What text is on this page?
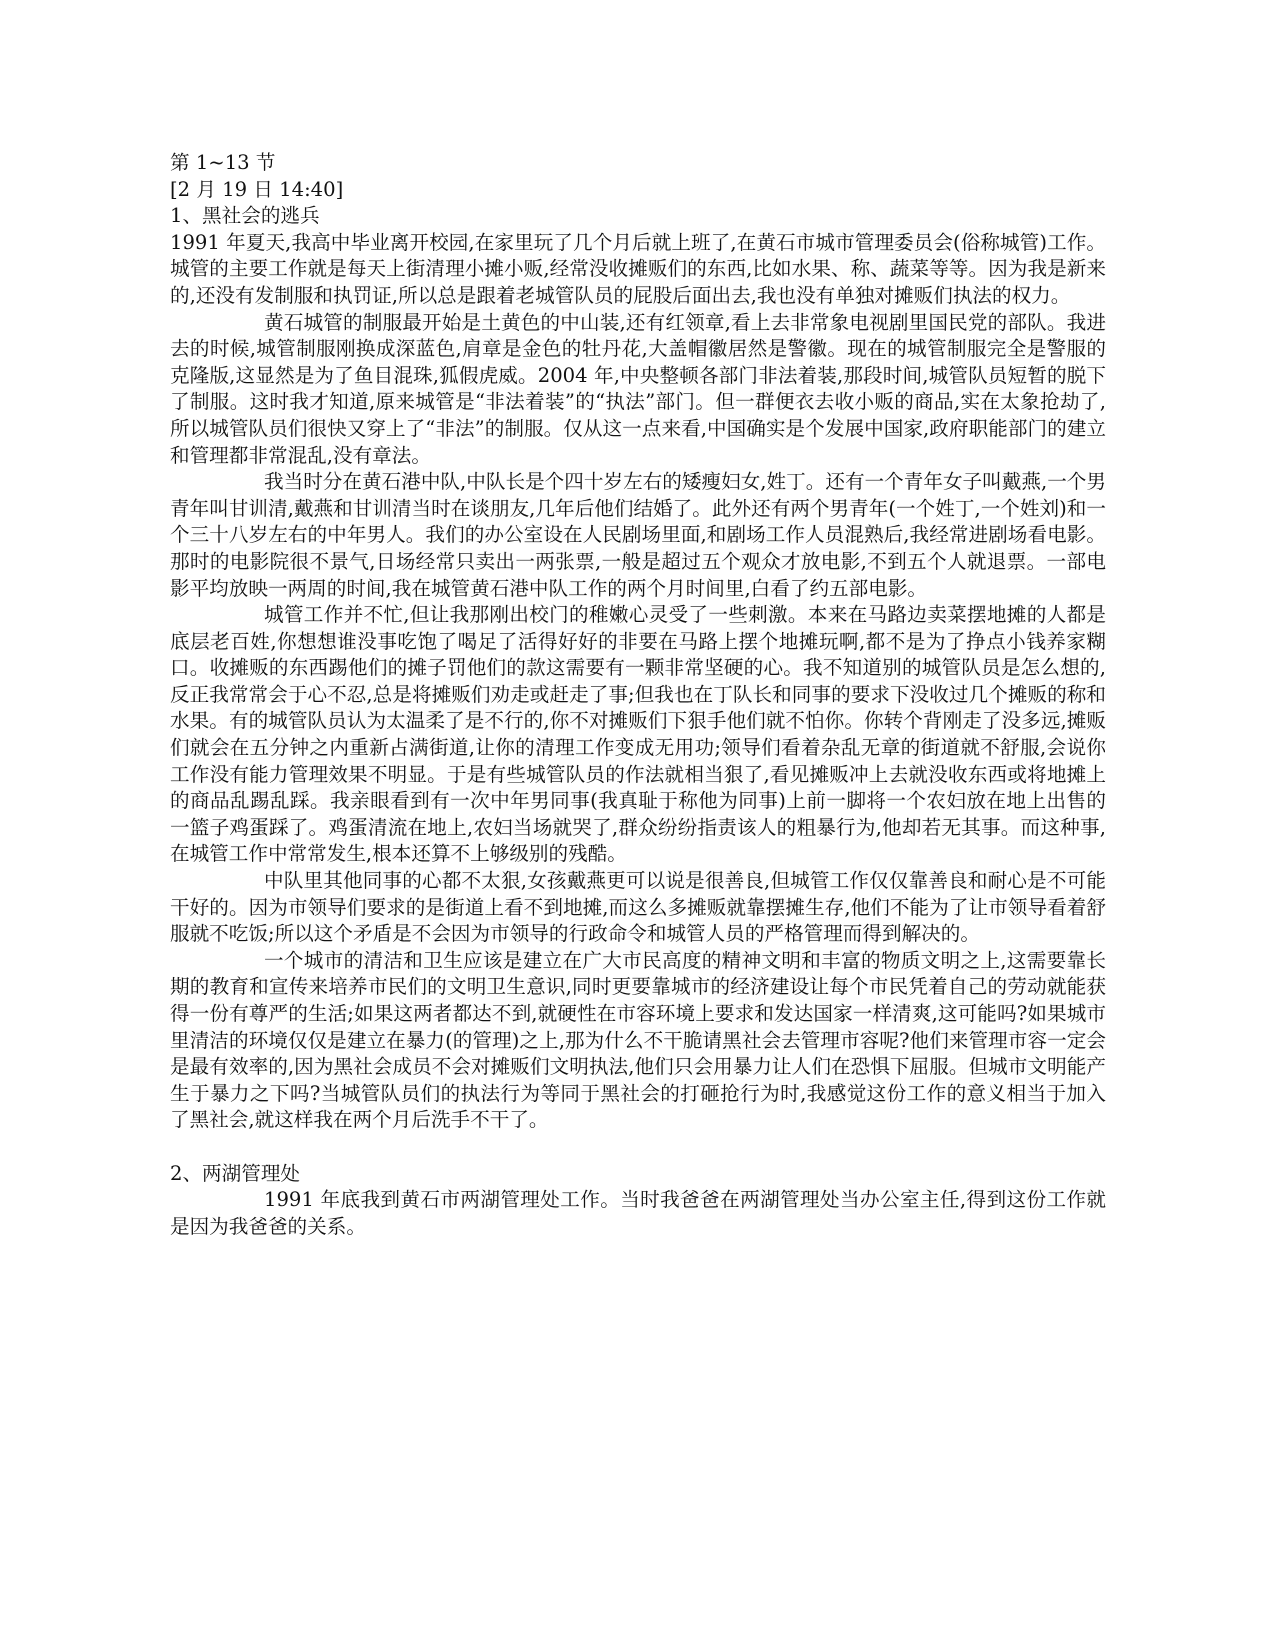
第 1~13 节

[2 月 19 日 14:40]

1、黑社会的逃兵

1991 年夏天,我高中毕业离开校园,在家里玩了几个月后就上班了,在黄石市城市管理委员会(俗称城管)工作。城管的主要工作就是每天上街清理小摊小贩,经常没收摊贩们的东西,比如水果、称、蔬菜等等。因为我是新来的,还没有发制服和执罚证,所以总是跟着老城管队员的屁股后面出去,我也没有单独对摊贩们执法的权力。

黄石城管的制服最开始是土黄色的中山装,还有红领章,看上去非常象电视剧里国民党的部队。我进去的时候,城管制服刚换成深蓝色,肩章是金色的牡丹花,大盖帽徽居然是警徽。现在的城管制服完全是警服的克隆版,这显然是为了鱼目混珠,狐假虎威。2004 年,中央整顿各部门非法着装,那段时间,城管队员短暂的脱下了制服。这时我才知道,原来城管是“非法着装”的“执法”部门。但一群便衣去收小贩的商品,实在太象抢劫了,所以城管队员们很快又穿上了“非法”的制服。仅从这一点来看,中国确实是个发展中国家,政府职能部门的建立和管理都非常混乱,没有章法。

我当时分在黄石港中队,中队长是个四十岁左右的矮瘦妇女,姓丁。还有一个青年女子叫戴燕,一个男青年叫甘训清,戴燕和甘训清当时在谈朋友,几年后他们结婚了。此外还有两个男青年(一个姓丁,一个姓刘)和一个三十八岁左右的中年男人。我们的办公室设在人民剧场里面,和剧场工作人员混熟后,我经常进剧场看电影。那时的电影院很不景气,日场经常只卖出一两张票,一般是超过五个观众才放电影,不到五个人就退票。一部电影平均放映一两周的时间,我在城管黄石港中队工作的两个月时间里,白看了约五部电影。

城管工作并不忙,但让我那刚出校门的稚嫩心灵受了一些刺激。本来在马路边卖菜摆地摊的人都是底层老百姓,你想想谁没事吃饱了喝足了活得好好的非要在马路上摆个地摊玩啊,都不是为了挣点小钱养家糊口。收摊贩的东西踢他们的摊子罚他们的款这需要有一颗非常坚硬的心。我不知道别的城管队员是怎么想的,反正我常常会于心不忍,总是将摊贩们劝走或赶走了事;但我也在丁队长和同事的要求下没收过几个摊贩的称和水果。有的城管队员认为太温柔了是不行的,你不对摊贩们下狠手他们就不怕你。你转个背刚走了没多远,摊贩们就会在五分钟之内重新占满街道,让你的清理工作变成无用功;领导们看着杂乱无章的街道就不舒服,会说你工作没有能力管理效果不明显。于是有些城管队员的作法就相当狠了,看见摊贩冲上去就没收东西或将地摊上的商品乱踢乱踩。我亲眼看到有一次中年男同事(我真耻于称他为同事)上前一脚将一个农妇放在地上出售的一篮子鸡蛋踩了。鸡蛋清流在地上,农妇当场就哭了,群众纷纷指责该人的粗暴行为,他却若无其事。而这种事,在城管工作中常常发生,根本还算不上够级别的残酷。

中队里其他同事的心都不太狠,女孩戴燕更可以说是很善良,但城管工作仅仅靠善良和耐心是不可能干好的。因为市领导们要求的是街道上看不到地摊,而这么多摊贩就靠摆摊生存,他们不能为了让市领导看着舒服就不吃饭;所以这个矛盾是不会因为市领导的行政命令和城管人员的严格管理而得到解决的。

一个城市的清洁和卫生应该是建立在广大市民高度的精神文明和丰富的物质文明之上,这需要靠长期的教育和宣传来培养市民们的文明卫生意识,同时更要靠城市的经济建设让每个市民凭着自己的劳动就能获得一份有尊严的生活;如果这两者都达不到,就硬性在市容环境上要求和发达国家一样清爽,这可能吗?如果城市里清洁的环境仅仅是建立在暴力(的管理)之上,那为什么不干脆请黑社会去管理市容呢?他们来管理市容一定会是最有效率的,因为黑社会成员不会对摊贩们文明执法,他们只会用暴力让人们在恐惧下屈服。但城市文明能产生于暴力之下吗?当城管队员们的执法行为等同于黑社会的打砸抢行为时,我感觉这份工作的意义相当于加入了黑社会,就这样我在两个月后洗手不干了。

2、两湖管理处

1991 年底我到黄石市两湖管理处工作。当时我爸爸在两湖管理处当办公室主任,得到这份工作就是因为我爸爸的关系。
